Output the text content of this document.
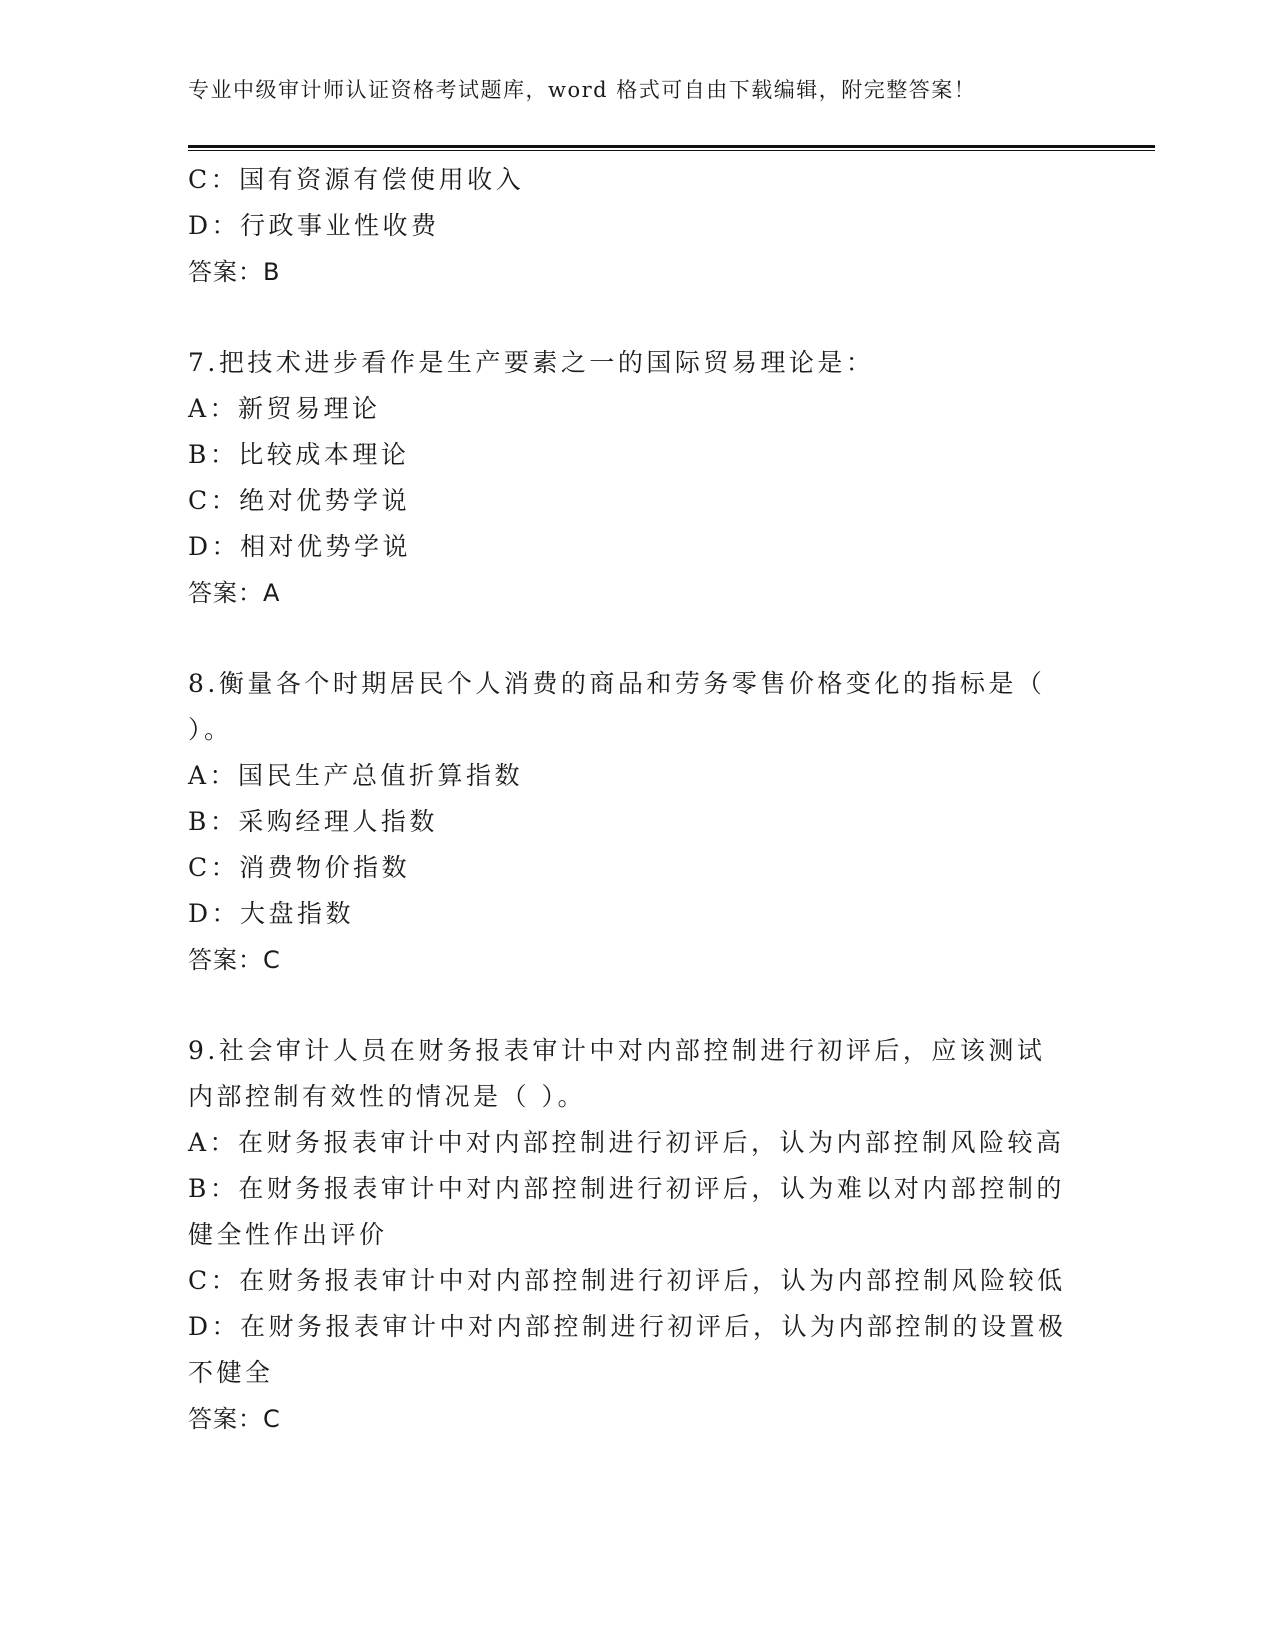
专业中级审计师认证资格考试题库，word 格式可自由下载编辑，附完整答案！
C：国有资源有偿使用收入
D：行政事业性收费
答案：B
7.把技术进步看作是生产要素之一的国际贸易理论是：
A：新贸易理论
B：比较成本理论
C：绝对优势学说
D：相对优势学说
答案：A
8.衡量各个时期居民个人消费的商品和劳务零售价格变化的指标是（
）。
A：国民生产总值折算指数
B：采购经理人指数
C：消费物价指数
D：大盘指数
答案：C
9.社会审计人员在财务报表审计中对内部控制进行初评后，应该测试
内部控制有效性的情况是（ ）。
A：在财务报表审计中对内部控制进行初评后，认为内部控制风险较高
B：在财务报表审计中对内部控制进行初评后，认为难以对内部控制的
健全性作出评价
C：在财务报表审计中对内部控制进行初评后，认为内部控制风险较低
D：在财务报表审计中对内部控制进行初评后，认为内部控制的设置极
不健全
答案：C
